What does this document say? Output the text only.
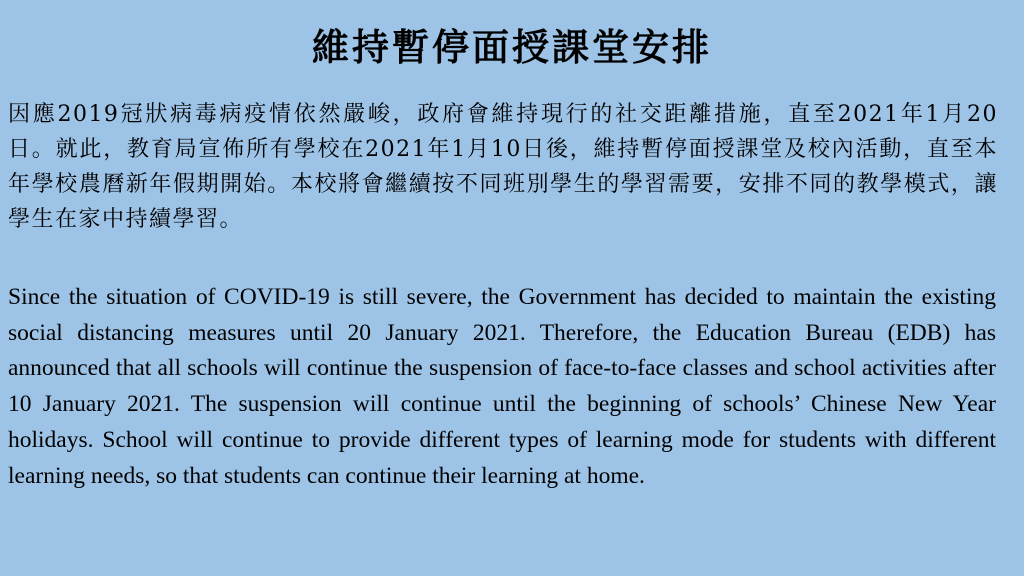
維持暫停面授課堂安排

因應2019冠狀病毒病疫情依然嚴峻，政府會維持現行的社交距離措施，直至2021年1月20日。就此，教育局宣佈所有學校在2021年1月10日後，維持暫停面授課堂及校內活動，直至本年學校農曆新年假期開始。本校將會繼續按不同班別學生的學習需要，安排不同的教學模式，讓學生在家中持續學習。

Since the situation of COVID-19 is still severe, the Government has decided to maintain the existing social distancing measures until 20 January 2021. Therefore, the Education Bureau (EDB) has announced that all schools will continue the suspension of face-to-face classes and school activities after 10 January 2021. The suspension will continue until the beginning of schools’ Chinese New Year holidays. School will continue to provide different types of learning mode for students with different learning needs, so that students can continue their learning at home.
